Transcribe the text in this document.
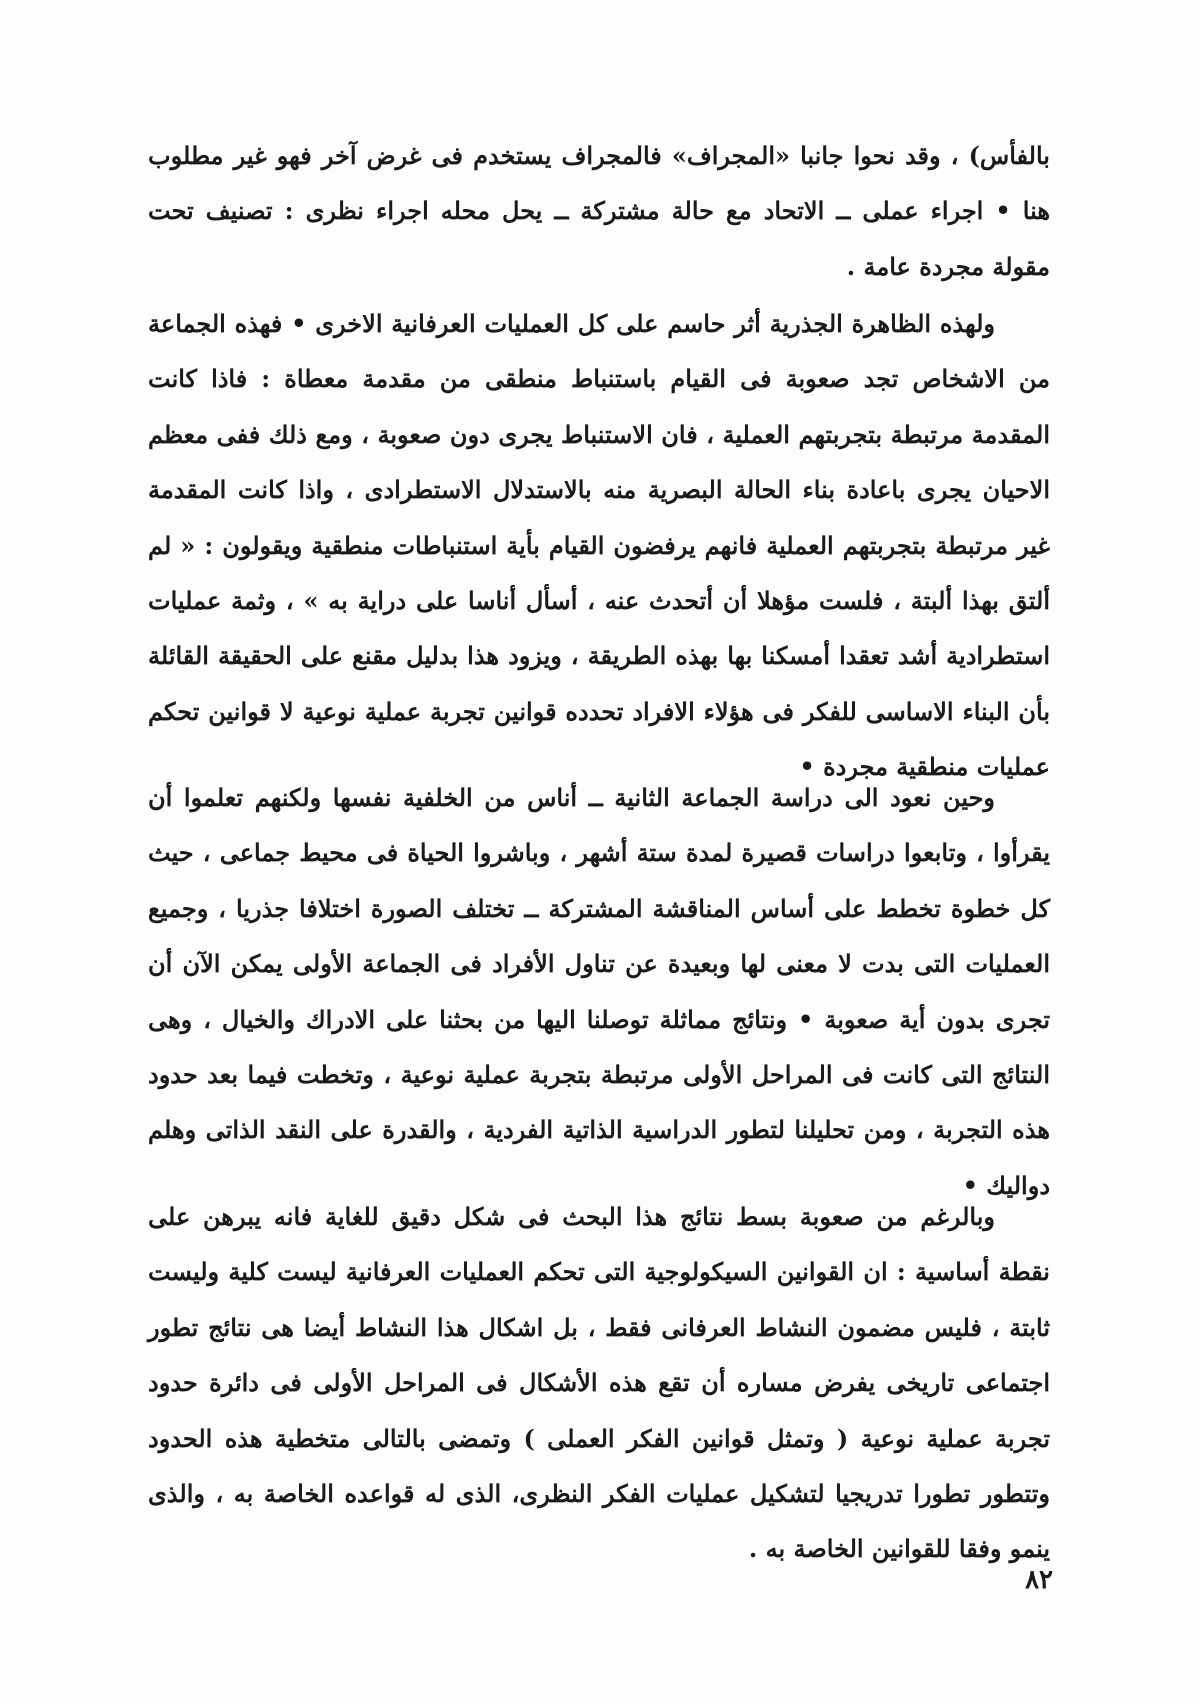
بالفأس) ، وقد نحوا جانبا «المجراف» فالمجراف يستخدم فى غرض آخر فهو غير مطلوب هنا • اجراء عملى ــ الاتحاد مع حالة مشتركة ــ يحل محله اجراء نظرى : تصنيف تحت مقولة مجردة عامة .

ولهذه الظاهرة الجذرية أثر حاسم على كل العمليات العرفانية الاخرى • فهذه الجماعة من الاشخاص تجد صعوبة فى القيام باستنباط منطقى من مقدمة معطاة : فاذا كانت المقدمة مرتبطة بتجربتهم العملية ، فان الاستنباط يجرى دون صعوبة ، ومع ذلك ففى معظم الاحيان يجرى باعادة بناء الحالة البصرية منه بالاستدلال الاستطرادى ، واذا كانت المقدمة غير مرتبطة بتجربتهم العملية فانهم يرفضون القيام بأية استنباطات منطقية ويقولون : « لم ألتق بهذا ألبتة ، فلست مؤهلا أن أتحدث عنه ، أسأل أناسا على دراية به » ، وثمة عمليات استطرادية أشد تعقدا أمسكنا بها بهذه الطريقة ، ويزود هذا بدليل مقنع على الحقيقة القائلة بأن البناء الاساسى للفكر فى هؤلاء الافراد تحدده قوانين تجربة عملية نوعية لا قوانين تحكم عمليات منطقية مجردة •

وحين نعود الى دراسة الجماعة الثانية ــ أناس من الخلفية نفسها ولكنهم تعلموا أن يقرأوا ، وتابعوا دراسات قصيرة لمدة ستة أشهر ، وباشروا الحياة فى محيط جماعى ، حيث كل خطوة تخطط على أساس المناقشة المشتركة ــ تختلف الصورة اختلافا جذريا ، وجميع العمليات التى بدت لا معنى لها وبعيدة عن تناول الأفراد فى الجماعة الأولى يمكن الآن أن تجرى بدون أية صعوبة • ونتائج مماثلة توصلنا اليها من بحثنا على الادراك والخيال ، وهى النتائج التى كانت فى المراحل الأولى مرتبطة بتجربة عملية نوعية ، وتخطت فيما بعد حدود هذه التجربة ، ومن تحليلنا لتطور الدراسية الذاتية الفردية ، والقدرة على النقد الذاتى وهلم دواليك •

وبالرغم من صعوبة بسط نتائج هذا البحث فى شكل دقيق للغاية فانه يبرهن على نقطة أساسية : ان القوانين السيكولوجية التى تحكم العمليات العرفانية ليست كلية وليست ثابتة ، فليس مضمون النشاط العرفانى فقط ، بل اشكال هذا النشاط أيضا هى نتائج تطور اجتماعى تاريخى يفرض مساره أن تقع هذه الأشكال فى المراحل الأولى فى دائرة حدود تجربة عملية نوعية ( وتمثل قوانين الفكر العملى ) وتمضى بالتالى متخطية هذه الحدود وتتطور تطورا تدريجيا لتشكيل عمليات الفكر النظرى، الذى له قواعده الخاصة به ، والذى ينمو وفقا للقوانين الخاصة به .

٨٢
